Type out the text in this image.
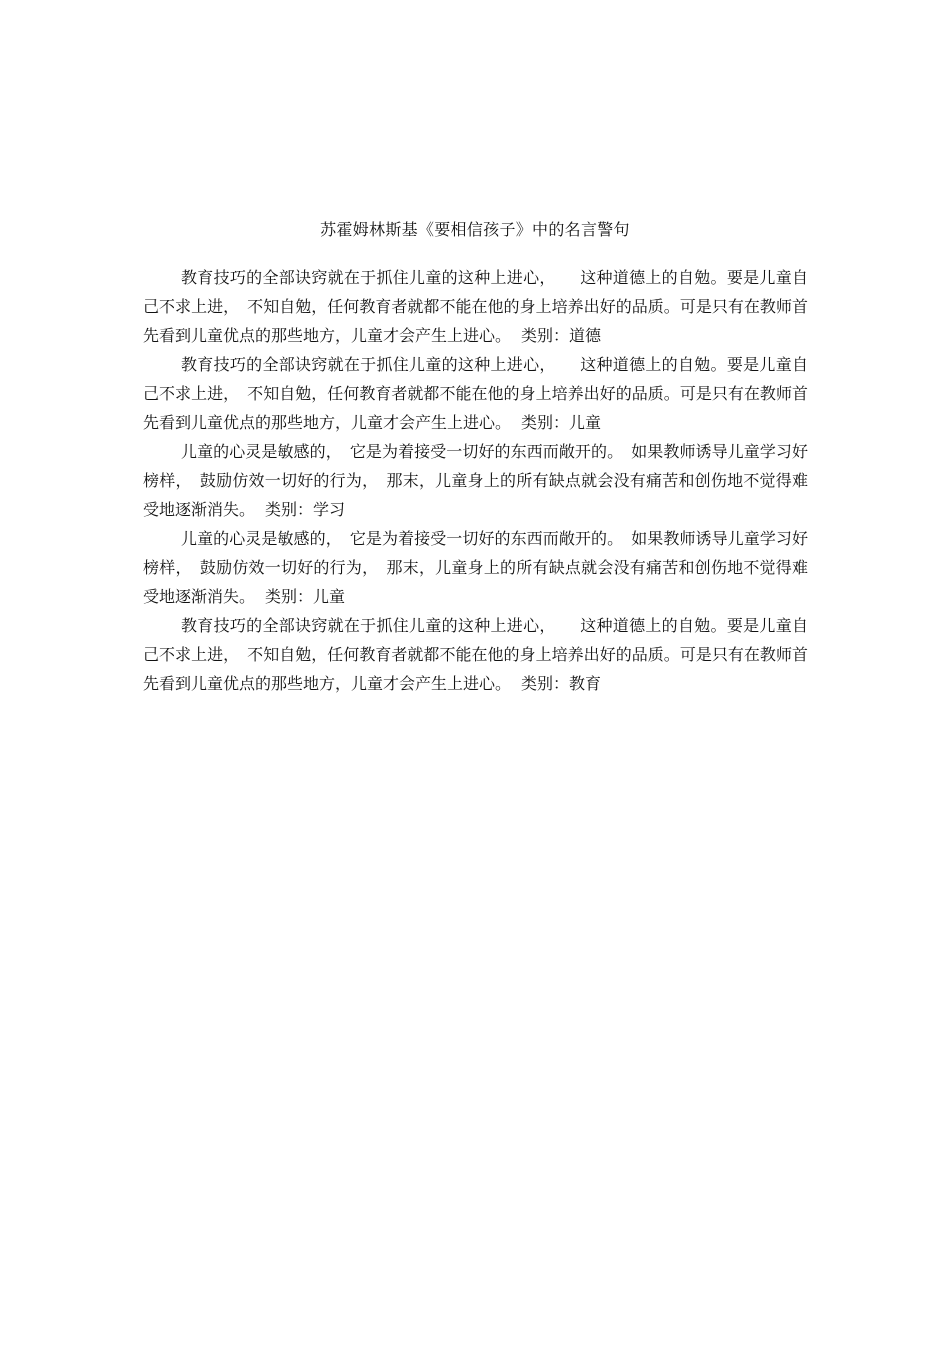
苏霍姆林斯基《要相信孩子》中的名言警句

教育技巧的全部诀窍就在于抓住儿童的这种上进心，　　这种道德上的自勉。要是儿童自己不求上进，　不知自勉，任何教育者就都不能在他的身上培养出好的品质。可是只有在教师首先看到儿童优点的那些地方，儿童才会产生上进心。 类别：道德

教育技巧的全部诀窍就在于抓住儿童的这种上进心，　　这种道德上的自勉。要是儿童自己不求上进，　不知自勉，任何教育者就都不能在他的身上培养出好的品质。可是只有在教师首先看到儿童优点的那些地方，儿童才会产生上进心。 类别：儿童

儿童的心灵是敏感的，　它是为着接受一切好的东西而敞开的。　如果教师诱导儿童学习好榜样，　鼓励仿效一切好的行为，　那末，儿童身上的所有缺点就会没有痛苦和创伤地不觉得难受地逐渐消失。 类别：学习

儿童的心灵是敏感的，　它是为着接受一切好的东西而敞开的。　如果教师诱导儿童学习好榜样，　鼓励仿效一切好的行为，　那末，儿童身上的所有缺点就会没有痛苦和创伤地不觉得难受地逐渐消失。 类别：儿童

教育技巧的全部诀窍就在于抓住儿童的这种上进心，　　这种道德上的自勉。要是儿童自己不求上进，　不知自勉，任何教育者就都不能在他的身上培养出好的品质。可是只有在教师首先看到儿童优点的那些地方，儿童才会产生上进心。 类别：教育
